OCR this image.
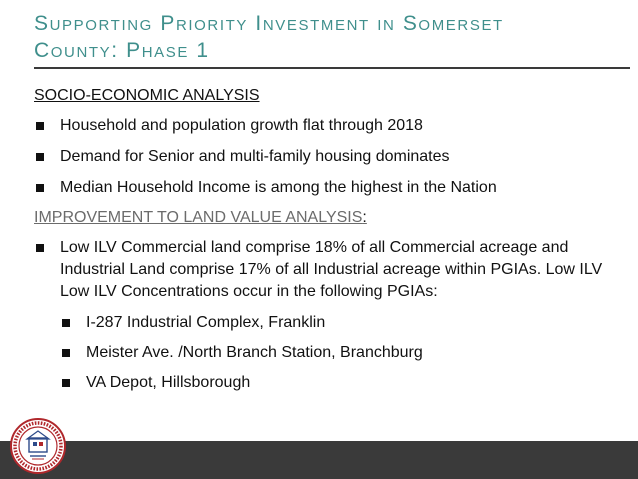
Supporting Priority Investment in Somerset
County: Phase 1
SOCIO-ECONOMIC ANALYSIS
Household and population growth flat through 2018
Demand for Senior and multi-family housing dominates
Median Household Income is among the highest in the Nation
IMPROVEMENT TO LAND VALUE ANALYSIS:
Low ILV Commercial land comprise 18% of all Commercial acreage and Industrial Land comprise 17% of all Industrial acreage within PGIAs. Low ILV Low ILV Concentrations occur in the following PGIAs:
I-287 Industrial Complex, Franklin
Meister Ave. /North Branch Station, Branchburg
VA Depot, Hillsborough
